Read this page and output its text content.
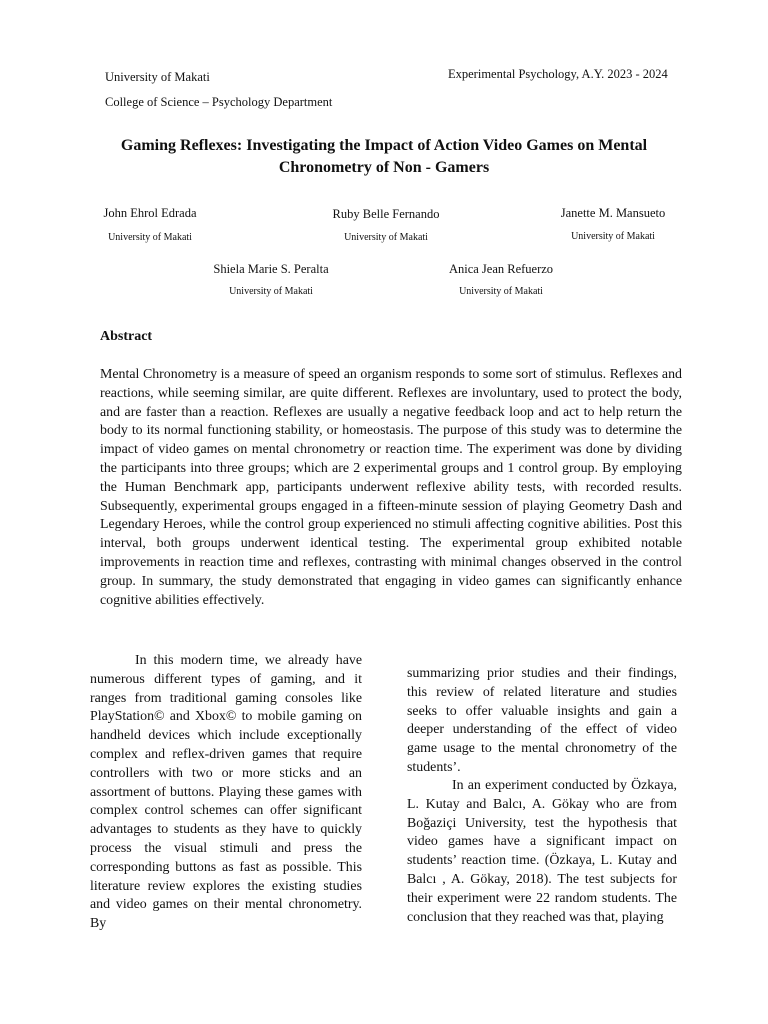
University of Makati
College of Science – Psychology Department
Experimental Psychology, A.Y. 2023 - 2024
Gaming Reflexes: Investigating the Impact of Action Video Games on Mental
Chronometry of Non - Gamers
John Ehrol Edrada
University of Makati
Ruby Belle Fernando
University of Makati
Janette M. Mansueto
University of Makati
Shiela Marie S. Peralta
University of Makati
Anica Jean Refuerzo
University of Makati
Abstract

Mental Chronometry is a measure of speed an organism responds to some sort of stimulus. Reflexes and reactions, while seeming similar, are quite different. Reflexes are involuntary, used to protect the body, and are faster than a reaction. Reflexes are usually a negative feedback loop and act to help return the body to its normal functioning stability, or homeostasis. The purpose of this study was to determine the impact of video games on mental chronometry or reaction time. The experiment was done by dividing the participants into three groups; which are 2 experimental groups and 1 control group. By employing the Human Benchmark app, participants underwent reflexive ability tests, with recorded results. Subsequently, experimental groups engaged in a fifteen-minute session of playing Geometry Dash and Legendary Heroes, while the control group experienced no stimuli affecting cognitive abilities. Post this interval, both groups underwent identical testing. The experimental group exhibited notable improvements in reaction time and reflexes, contrasting with minimal changes observed in the control group. In summary, the study demonstrated that engaging in video games can significantly enhance cognitive abilities effectively.

In this modern time, we already have numerous different types of gaming, and it ranges from traditional gaming consoles like PlayStation© and Xbox© to mobile gaming on handheld devices which include exceptionally complex and reflex-driven games that require controllers with two or more sticks and an assortment of buttons. Playing these games with complex control schemes can offer significant advantages to students as they have to quickly process the visual stimuli and press the corresponding buttons as fast as possible. This literature review explores the existing studies and video games on their mental chronometry. By

summarizing prior studies and their findings, this review of related literature and studies seeks to offer valuable insights and gain a deeper understanding of the effect of video game usage to the mental chronometry of the students’.

In an experiment conducted by Özkaya, L. Kutay and Balcı, A. Gökay who are from Boğaziçi University, test the hypothesis that video games have a significant impact on students’ reaction time. (Özkaya, L. Kutay and Balcı , A. Gökay, 2018). The test subjects for their experiment were 22 random students. The conclusion that they reached was that, playing
